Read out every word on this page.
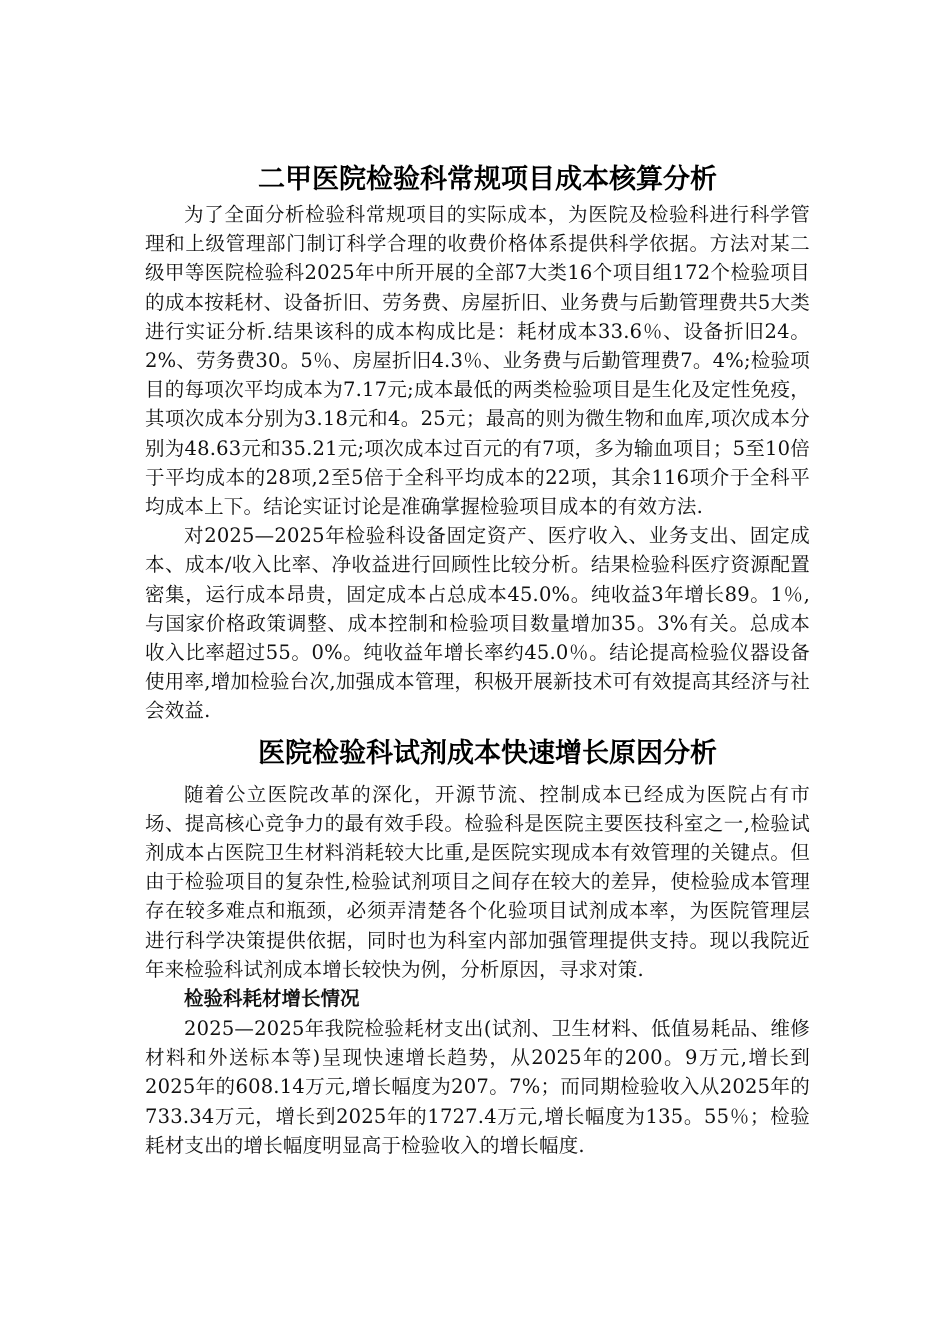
二甲医院检验科常规项目成本核算分析

为了全面分析检验科常规项目的实际成本，为医院及检验科进行科学管理和上级管理部门制订科学合理的收费价格体系提供科学依据。方法对某二级甲等医院检验科2025年中所开展的全部7大类16个项目组172个检验项目的成本按耗材、设备折旧、劳务费、房屋折旧、业务费与后勤管理费共5大类进行实证分析.结果该科的成本构成比是：耗材成本33.6％、设备折旧24。2%、劳务费30。5％、房屋折旧4.3％、业务费与后勤管理费7。4%;检验项目的每项次平均成本为7.17元;成本最低的两类检验项目是生化及定性免疫，其项次成本分别为3.18元和4。25元；最高的则为微生物和血库,项次成本分别为48.63元和35.21元;项次成本过百元的有7项，多为输血项目；5至10倍于平均成本的28项,2至5倍于全科平均成本的22项，其余116项介于全科平均成本上下。结论实证讨论是准确掌握检验项目成本的有效方法.

对2025—2025年检验科设备固定资产、医疗收入、业务支出、固定成本、成本/收入比率、净收益进行回顾性比较分析。结果检验科医疗资源配置密集，运行成本昂贵，固定成本占总成本45.0%。纯收益3年增长89。1％,与国家价格政策调整、成本控制和检验项目数量增加35。3%有关。总成本收入比率超过55。0%。纯收益年增长率约45.0％。结论提高检验仪器设备使用率,增加检验台次,加强成本管理，积极开展新技术可有效提高其经济与社会效益.

医院检验科试剂成本快速增长原因分析

随着公立医院改革的深化，开源节流、控制成本已经成为医院占有市场、提高核心竞争力的最有效手段。检验科是医院主要医技科室之一,检验试剂成本占医院卫生材料消耗较大比重,是医院实现成本有效管理的关键点。但由于检验项目的复杂性,检验试剂项目之间存在较大的差异，使检验成本管理存在较多难点和瓶颈，必须弄清楚各个化验项目试剂成本率，为医院管理层进行科学决策提供依据，同时也为科室内部加强管理提供支持。现以我院近年来检验科试剂成本增长较快为例，分析原因，寻求对策.

检验科耗材增长情况

2025—2025年我院检验耗材支出(试剂、卫生材料、低值易耗品、维修材料和外送标本等)呈现快速增长趋势，从2025年的200。9万元,增长到2025年的608.14万元,增长幅度为207。7%；而同期检验收入从2025年的733.34万元，增长到2025年的1727.4万元,增长幅度为135。55％；检验耗材支出的增长幅度明显高于检验收入的增长幅度.
